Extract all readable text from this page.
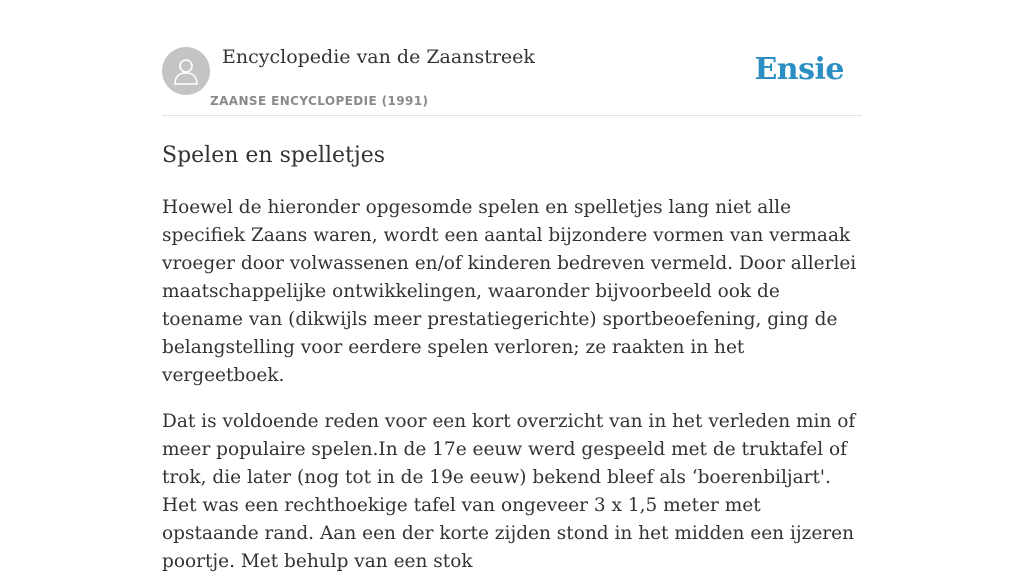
Encyclopedie van de Zaanstreek
ZAANSE ENCYCLOPEDIE (1991)
Ensie
Spelen en spelletjes

Hoewel de hieronder opgesomde spelen en spelletjes lang niet alle specifiek Zaans waren, wordt een aantal bijzondere vormen van vermaak vroeger door volwassenen en/of kinderen bedreven vermeld. Door allerlei maatschappelijke ontwikkelingen, waaronder bijvoorbeeld ook de toename van (dikwijls meer prestatiegerichte) sportbeoefening, ging de belangstelling voor eerdere spelen verloren; ze raakten in het vergeetboek.

Dat is voldoende reden voor een kort overzicht van in het verleden min of meer populaire spelen.In de 17e eeuw werd gespeeld met de truktafel of trok, die later (nog tot in de 19e eeuw) bekend bleef als ‘boerenbiljart'. Het was een rechthoekige tafel van ongeveer 3 x 1,5 meter met opstaande rand. Aan een der korte zijden stond in het midden een ijzeren poortje. Met behulp van een stok
